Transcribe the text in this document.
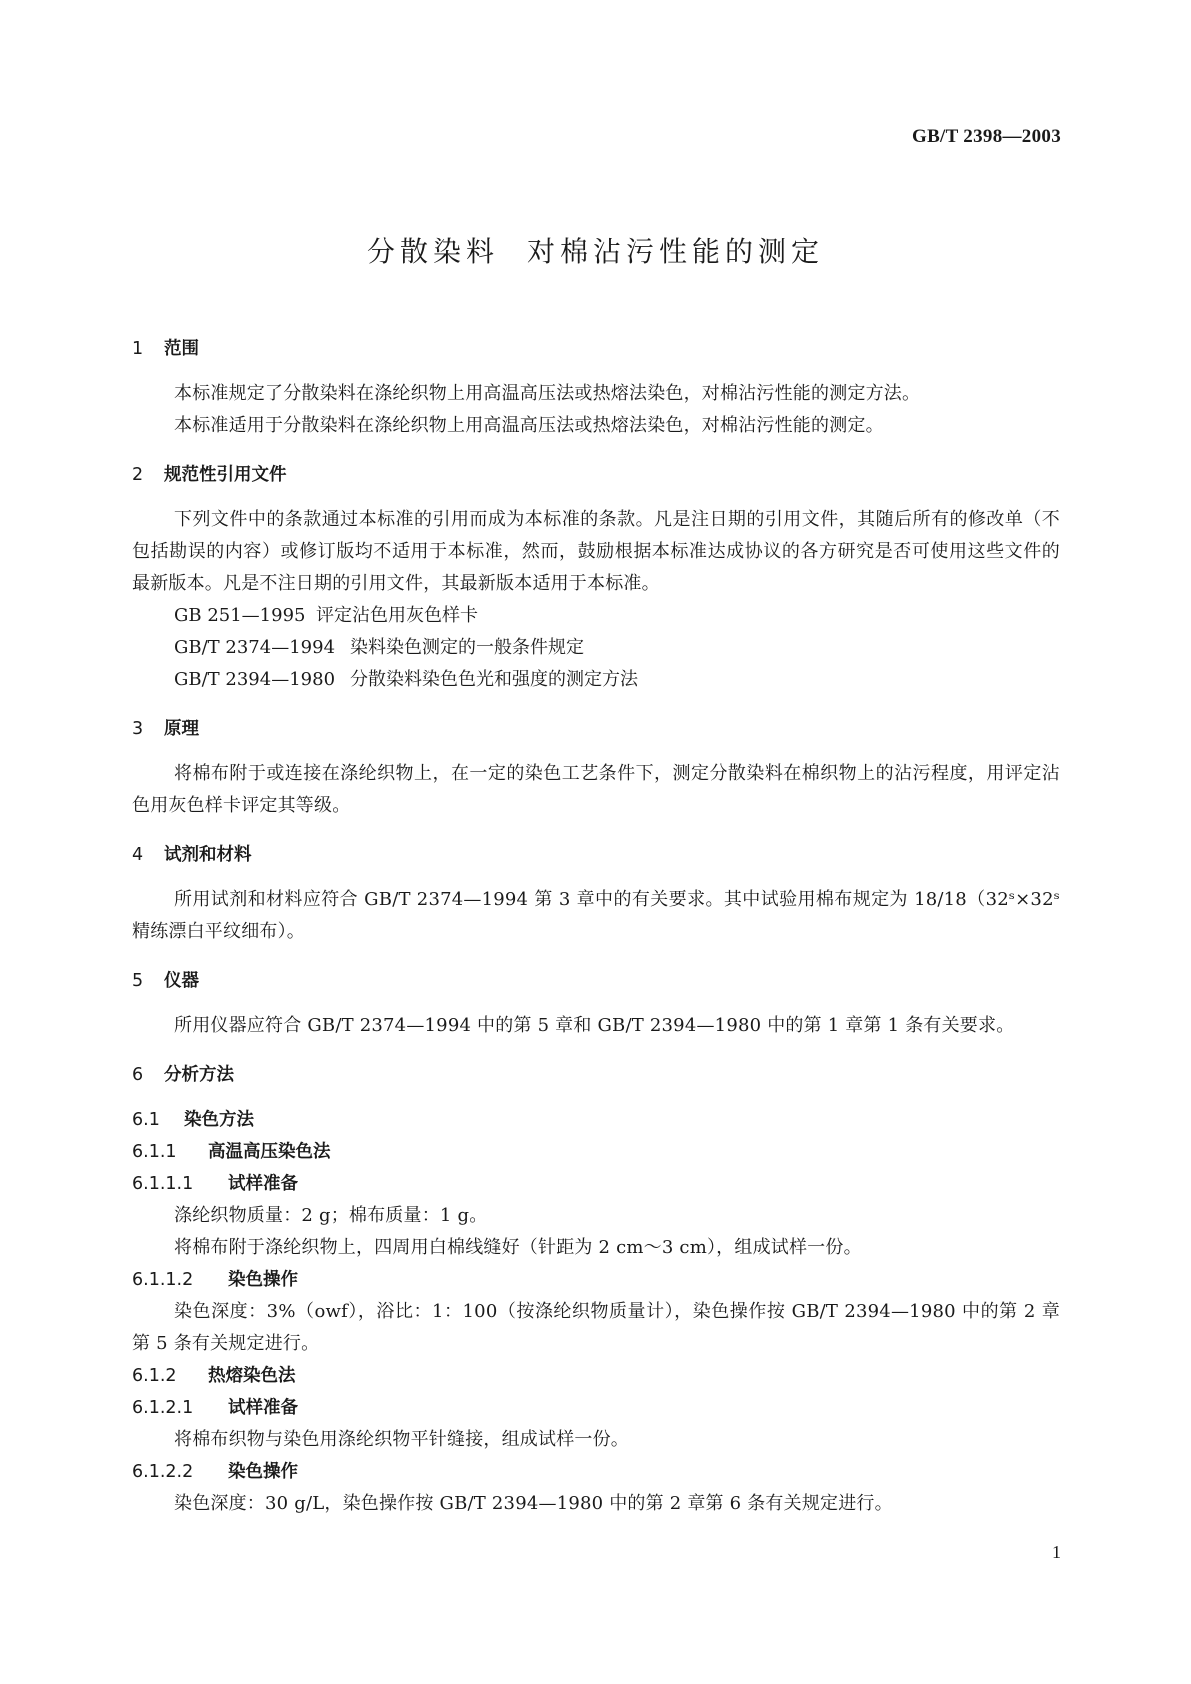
GB/T 2398—2003
分散染料 对棉沾污性能的测定
1 范围

本标准规定了分散染料在涤纶织物上用高温高压法或热熔法染色，对棉沾污性能的测定方法。

本标准适用于分散染料在涤纶织物上用高温高压法或热熔法染色，对棉沾污性能的测定。

2 规范性引用文件

下列文件中的条款通过本标准的引用而成为本标准的条款。凡是注日期的引用文件，其随后所有的修改单（不包括勘误的内容）或修订版均不适用于本标准，然而，鼓励根据本标准达成协议的各方研究是否可使用这些文件的最新版本。凡是不注日期的引用文件，其最新版本适用于本标准。

GB 251—1995 评定沾色用灰色样卡

GB/T 2374—1994 染料染色测定的一般条件规定

GB/T 2394—1980 分散染料染色色光和强度的测定方法

3 原理

将棉布附于或连接在涤纶织物上，在一定的染色工艺条件下，测定分散染料在棉织物上的沾污程度，用评定沾色用灰色样卡评定其等级。

4 试剂和材料

所用试剂和材料应符合 GB/T 2374—1994 第 3 章中的有关要求。其中试验用棉布规定为 18/18（32ˢ×32ˢ 精练漂白平纹细布）。

5 仪器

所用仪器应符合 GB/T 2374—1994 中的第 5 章和 GB/T 2394—1980 中的第 1 章第 1 条有关要求。

6 分析方法
6.1 染色方法
6.1.1 高温高压染色法
6.1.1.1 试样准备

涤纶织物质量：2 g；棉布质量：1 g。

将棉布附于涤纶织物上，四周用白棉线缝好（针距为 2 cm～3 cm），组成试样一份。

6.1.1.2 染色操作

染色深度：3%（owf），浴比：1：100（按涤纶织物质量计），染色操作按 GB/T 2394—1980 中的第 2 章第 5 条有关规定进行。

6.1.2 热熔染色法
6.1.2.1 试样准备

将棉布织物与染色用涤纶织物平针缝接，组成试样一份。

6.1.2.2 染色操作

染色深度：30 g/L，染色操作按 GB/T 2394—1980 中的第 2 章第 6 条有关规定进行。

1
